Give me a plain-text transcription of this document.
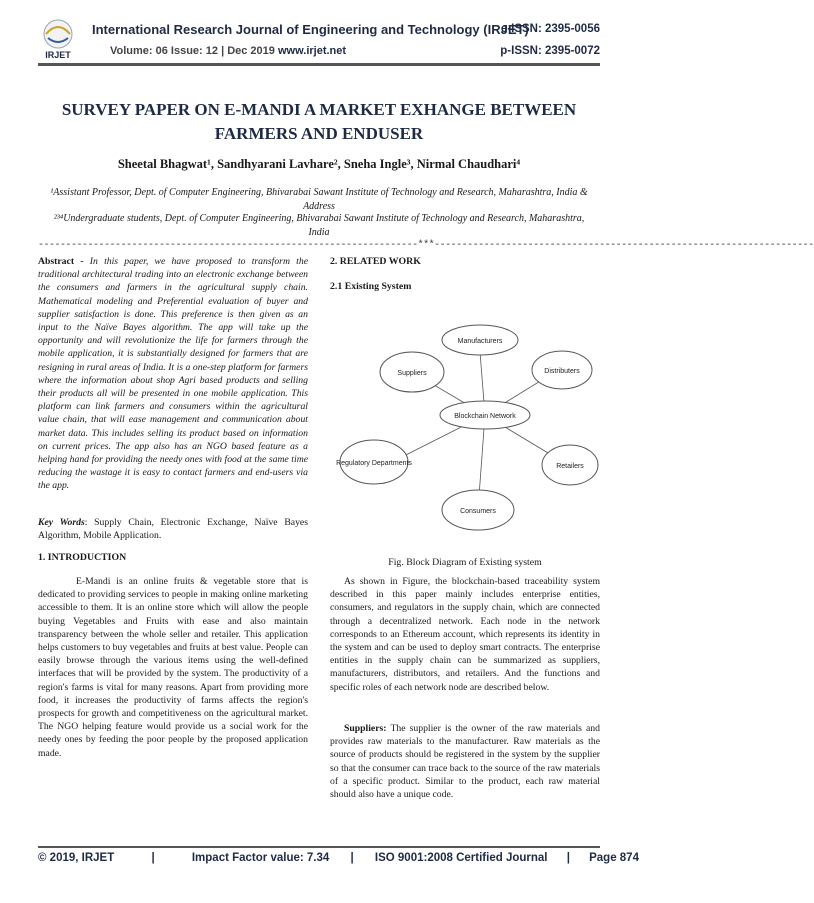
IRJET
International Research Journal of Engineering and Technology (IRJET)
e-ISSN: 2395-0056
Volume: 06 Issue: 12 | Dec 2019 www.irjet.net	p-ISSN: 2395-0072
SURVEY PAPER ON E-MANDI A MARKET EXHANGE BETWEEN FARMERS AND ENDUSER
Sheetal Bhagwat¹, Sandhyarani Lavhare², Sneha Ingle³, Nirmal Chaudhari⁴
¹Assistant Professor, Dept. of Computer Engineering, Bhivarabai Sawant Institute of Technology and Research, Maharashtra, India & Address
²³⁴Undergraduate students, Dept. of Computer Engineering, Bhivarabai Sawant Institute of Technology and Research, Maharashtra, India
---------------------------------------------------------------------***---------------------------------------------------------------------
Abstract - In this paper, we have proposed to transform the traditional architectural trading into an electronic exchange between the consumers and farmers in the agricultural supply chain. Mathematical modeling and Preferential evaluation of buyer and supplier satisfaction is done. This preference is then given as an input to the Naïve Bayes algorithm. The app will take up the opportunity and will revolutionize the life for farmers through the mobile application, it is substantially designed for farmers that are resigning in rural areas of India. It is a one-step platform for farmers where the information about shop Agri based products and selling their products all will be presented in one mobile application. This platform can link farmers and consumers within the agricultural value chain, that will ease management and communication about market data. This includes selling its product based on information on current prices. The app also has an NGO based feature as a helping hand for providing the needy ones with food at the same time reducing the wastage it is easy to contact farmers and end-users via the app.
Key Words: Supply Chain, Electronic Exchange, Naïve Bayes Algorithm, Mobile Application.
1. INTRODUCTION

E-Mandi is an online fruits & vegetable store that is dedicated to providing services to people in making online marketing accessible to them. It is an online store which will allow the people buying Vegetables and Fruits with ease and also maintain transparency between the whole seller and retailer. This application helps customers to buy vegetables and fruits at best value. People can easily browse through the various items using the well-defined interfaces that will be provided by the system. The productivity of a region's farms is vital for many reasons. Apart from providing more food, it increases the productivity of farms affects the region's prospects for growth and competitiveness on the agricultural market. The NGO helping feature would provide us a social work for the needy ones by feeding the poor people by the proposed application made.

2. RELATED WORK
2.1 Existing System
Blockchain Network
Manufacturers
Distributers
Retailers
Consumers
Regulatory Departments
Suppliers
Fig. Block Diagram of Existing system

As shown in Figure, the blockchain-based traceability system described in this paper mainly includes enterprise entities, consumers, and regulators in the supply chain, which are connected through a decentralized network. Each node in the network corresponds to an Ethereum account, which represents its identity in the system and can be used to deploy smart contracts. The enterprise entities in the supply chain can be summarized as suppliers, manufacturers, distributors, and retailers. And the functions and specific roles of each network node are described below.

Suppliers: The supplier is the owner of the raw materials and provides raw materials to the manufacturer. Raw materials as the source of products should be registered in the system by the supplier so that the consumer can trace back to the source of the raw materials of a specific product. Similar to the product, each raw material should also have a unique code.

© 2019, IRJET	|	Impact Factor value: 7.34 | ISO 9001:2008 Certified Journal | Page 874
